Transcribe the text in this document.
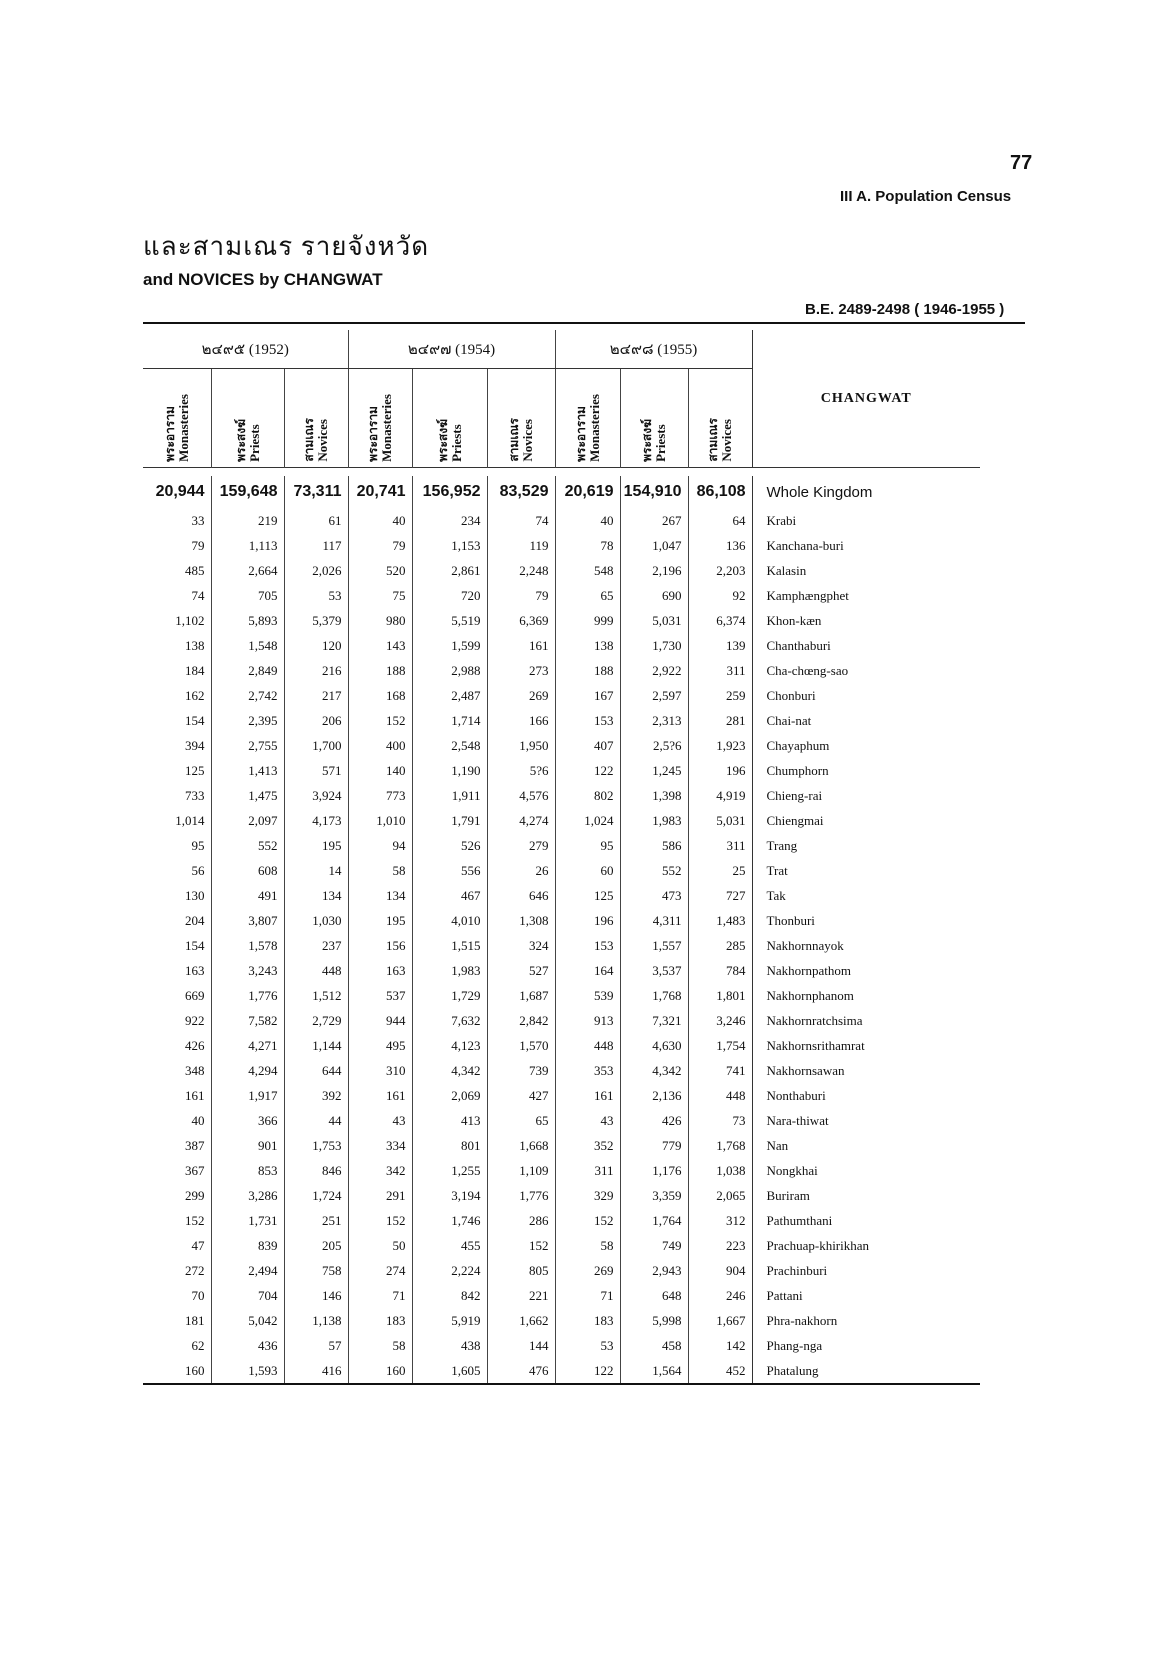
77
III A. Population Census
และสามเณร รายจังหวัด
and NOVICES by CHANGWAT
B.E. 2489-2498 ( 1946-1955 )
๒๔๙๕ (1952)			๒๔๙๗ (1954)			๒๔๙๘ (1955)			CHANGWAT

พระอาราม Monasteries	พระสงฆ์ Priests	สามเณร Novices	พระอาราม Monasteries	พระสงฆ์ Priests	สามเณร Novices	พระอาราม Monasteries	พระสงฆ์ Priests	สามเณร Novices	

20,944	159,648	73,311	20,741	156,952	83,529	20,619	154,910	86,108	Whole Kingdom
33	219	61	40	234	74	40	267	64	Krabi
79	1,113	117	79	1,153	119	78	1,047	136	Kanchana-buri
485	2,664	2,026	520	2,861	2,248	548	2,196	2,203	Kalasin
74	705	53	75	720	79	65	690	92	Kamphængphet
1,102	5,893	5,379	980	5,519	6,369	999	5,031	6,374	Khon-kæn
138	1,548	120	143	1,599	161	138	1,730	139	Chanthaburi
184	2,849	216	188	2,988	273	188	2,922	311	Cha-chœng-sao
162	2,742	217	168	2,487	269	167	2,597	259	Chonburi
154	2,395	206	152	1,714	166	153	2,313	281	Chai-nat
394	2,755	1,700	400	2,548	1,950	407	2,5?6	1,923	Chayaphum
125	1,413	571	140	1,190	5?6	122	1,245	196	Chumphorn
733	1,475	3,924	773	1,911	4,576	802	1,398	4,919	Chieng-rai
1,014	2,097	4,173	1,010	1,791	4,274	1,024	1,983	5,031	Chiengmai
95	552	195	94	526	279	95	586	311	Trang
56	608	14	58	556	26	60	552	25	Trat
130	491	134	134	467	646	125	473	727	Tak
204	3,807	1,030	195	4,010	1,308	196	4,311	1,483	Thonburi
154	1,578	237	156	1,515	324	153	1,557	285	Nakhornnayok
163	3,243	448	163	1,983	527	164	3,537	784	Nakhornpathom
669	1,776	1,512	537	1,729	1,687	539	1,768	1,801	Nakhornphanom
922	7,582	2,729	944	7,632	2,842	913	7,321	3,246	Nakhornratchsima
426	4,271	1,144	495	4,123	1,570	448	4,630	1,754	Nakhornsrithamrat
348	4,294	644	310	4,342	739	353	4,342	741	Nakhornsawan
161	1,917	392	161	2,069	427	161	2,136	448	Nonthaburi
40	366	44	43	413	65	43	426	73	Nara-thiwat
387	901	1,753	334	801	1,668	352	779	1,768	Nan
367	853	846	342	1,255	1,109	311	1,176	1,038	Nongkhai
299	3,286	1,724	291	3,194	1,776	329	3,359	2,065	Buriram
152	1,731	251	152	1,746	286	152	1,764	312	Pathumthani
47	839	205	50	455	152	58	749	223	Prachuap-khirikhan
272	2,494	758	274	2,224	805	269	2,943	904	Prachinburi
70	704	146	71	842	221	71	648	246	Pattani
181	5,042	1,138	183	5,919	1,662	183	5,998	1,667	Phra-nakhorn
62	436	57	58	438	144	53	458	142	Phang-nga
160	1,593	416	160	1,605	476	122	1,564	452	Phatalung
